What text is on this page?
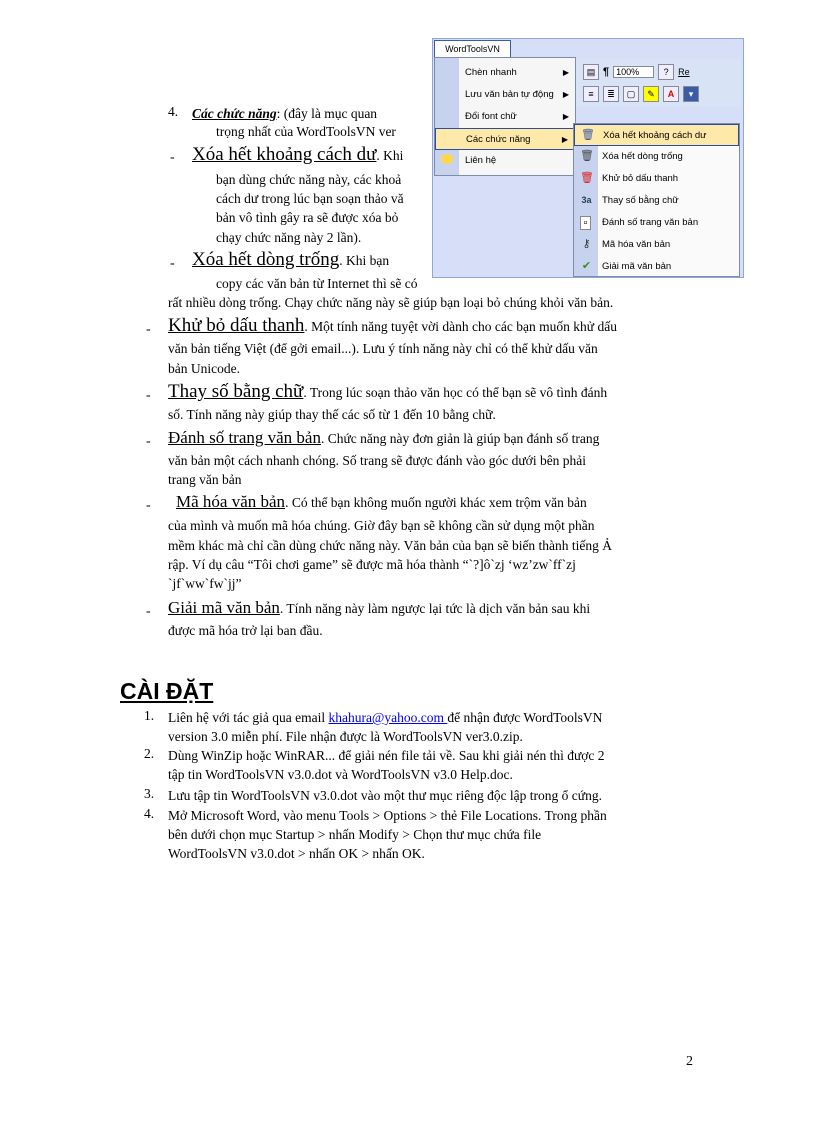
WordToolsVN
▤ ¶ 100%	?	Re
≡	≣	▢	✎	A	▾
Chèn nhanh	▶
Lưu văn bản tự động ▶
Đổi font chữ	▶
Các chức năng	▶
Liên hệ
🗑 Xóa hết khoảng cách dư
🗑 Xóa hết dòng trống
🗑 Khử bỏ dấu thanh
3a Thay số bằng chữ
▫	Đánh số trang văn bản
⚷ Mã hóa văn bản
✔ Giải mã văn bản
4. Các chức năng: (đây là mục quan
trọng nhất của WordToolsVN ver
- Xóa hết khoảng cách dư. Khi
bạn dùng chức năng này, các khoả
cách dư trong lúc bạn soạn thảo vă
bản vô tình gây ra sẽ được xóa bỏ
chạy chức năng này 2 lần).
- Xóa hết dòng trống. Khi bạn
copy các văn bản từ Internet thì sẽ có
rất nhiều dòng trống. Chạy chức năng này sẽ giúp bạn loại bỏ chúng khỏi văn bản.
- Khử bỏ dấu thanh. Một tính năng tuyệt vời dành cho các bạn muốn khử dấu
văn bản tiếng Việt (để gởi email...). Lưu ý tính năng này chỉ có thể khử dấu văn
bản Unicode.
- Thay số bằng chữ. Trong lúc soạn thảo văn học có thể bạn sẽ vô tình đánh
số. Tính năng này giúp thay thế các số từ 1 đến 10 bằng chữ.
- Đánh số trang văn bản. Chức năng này đơn giản là giúp bạn đánh số trang
văn bản một cách nhanh chóng. Số trang sẽ được đánh vào góc dưới bên phải
trang văn bản
- Mã hóa văn bản. Có thể bạn không muốn người khác xem trộm văn bản
của mình và muốn mã hóa chúng. Giờ đây bạn sẽ không cần sử dụng một phần
mềm khác mà chỉ cần dùng chức năng này. Văn bản của bạn sẽ biến thành tiếng Ả
rập. Ví dụ câu “Tôi chơi game” sẽ được mã hóa thành “`?]ô`zj ‘wz’zw`ff`zj
`jf`ww`fw`jj”
- Giải mã văn bản. Tính năng này làm ngược lại tức là dịch văn bản sau khi
được mã hóa trở lại ban đầu.
CÀI ĐẶT
1. Liên hệ với tác giả qua email khahura@yahoo.com để nhận được WordToolsVN
version 3.0 miễn phí. File nhận được là WordToolsVN ver3.0.zip.
2. Dùng WinZip hoặc WinRAR... để giải nén file tải về. Sau khi giải nén thì được 2
tập tin WordToolsVN v3.0.dot và WordToolsVN v3.0 Help.doc.
3. Lưu tập tin WordToolsVN v3.0.dot vào một thư mục riêng độc lập trong ổ cứng.
4. Mở Microsoft Word, vào menu Tools > Options > thẻ File Locations. Trong phần
bên dưới chọn mục Startup > nhấn Modify > Chọn thư mục chứa file
WordToolsVN v3.0.dot > nhấn OK > nhấn OK.
2
